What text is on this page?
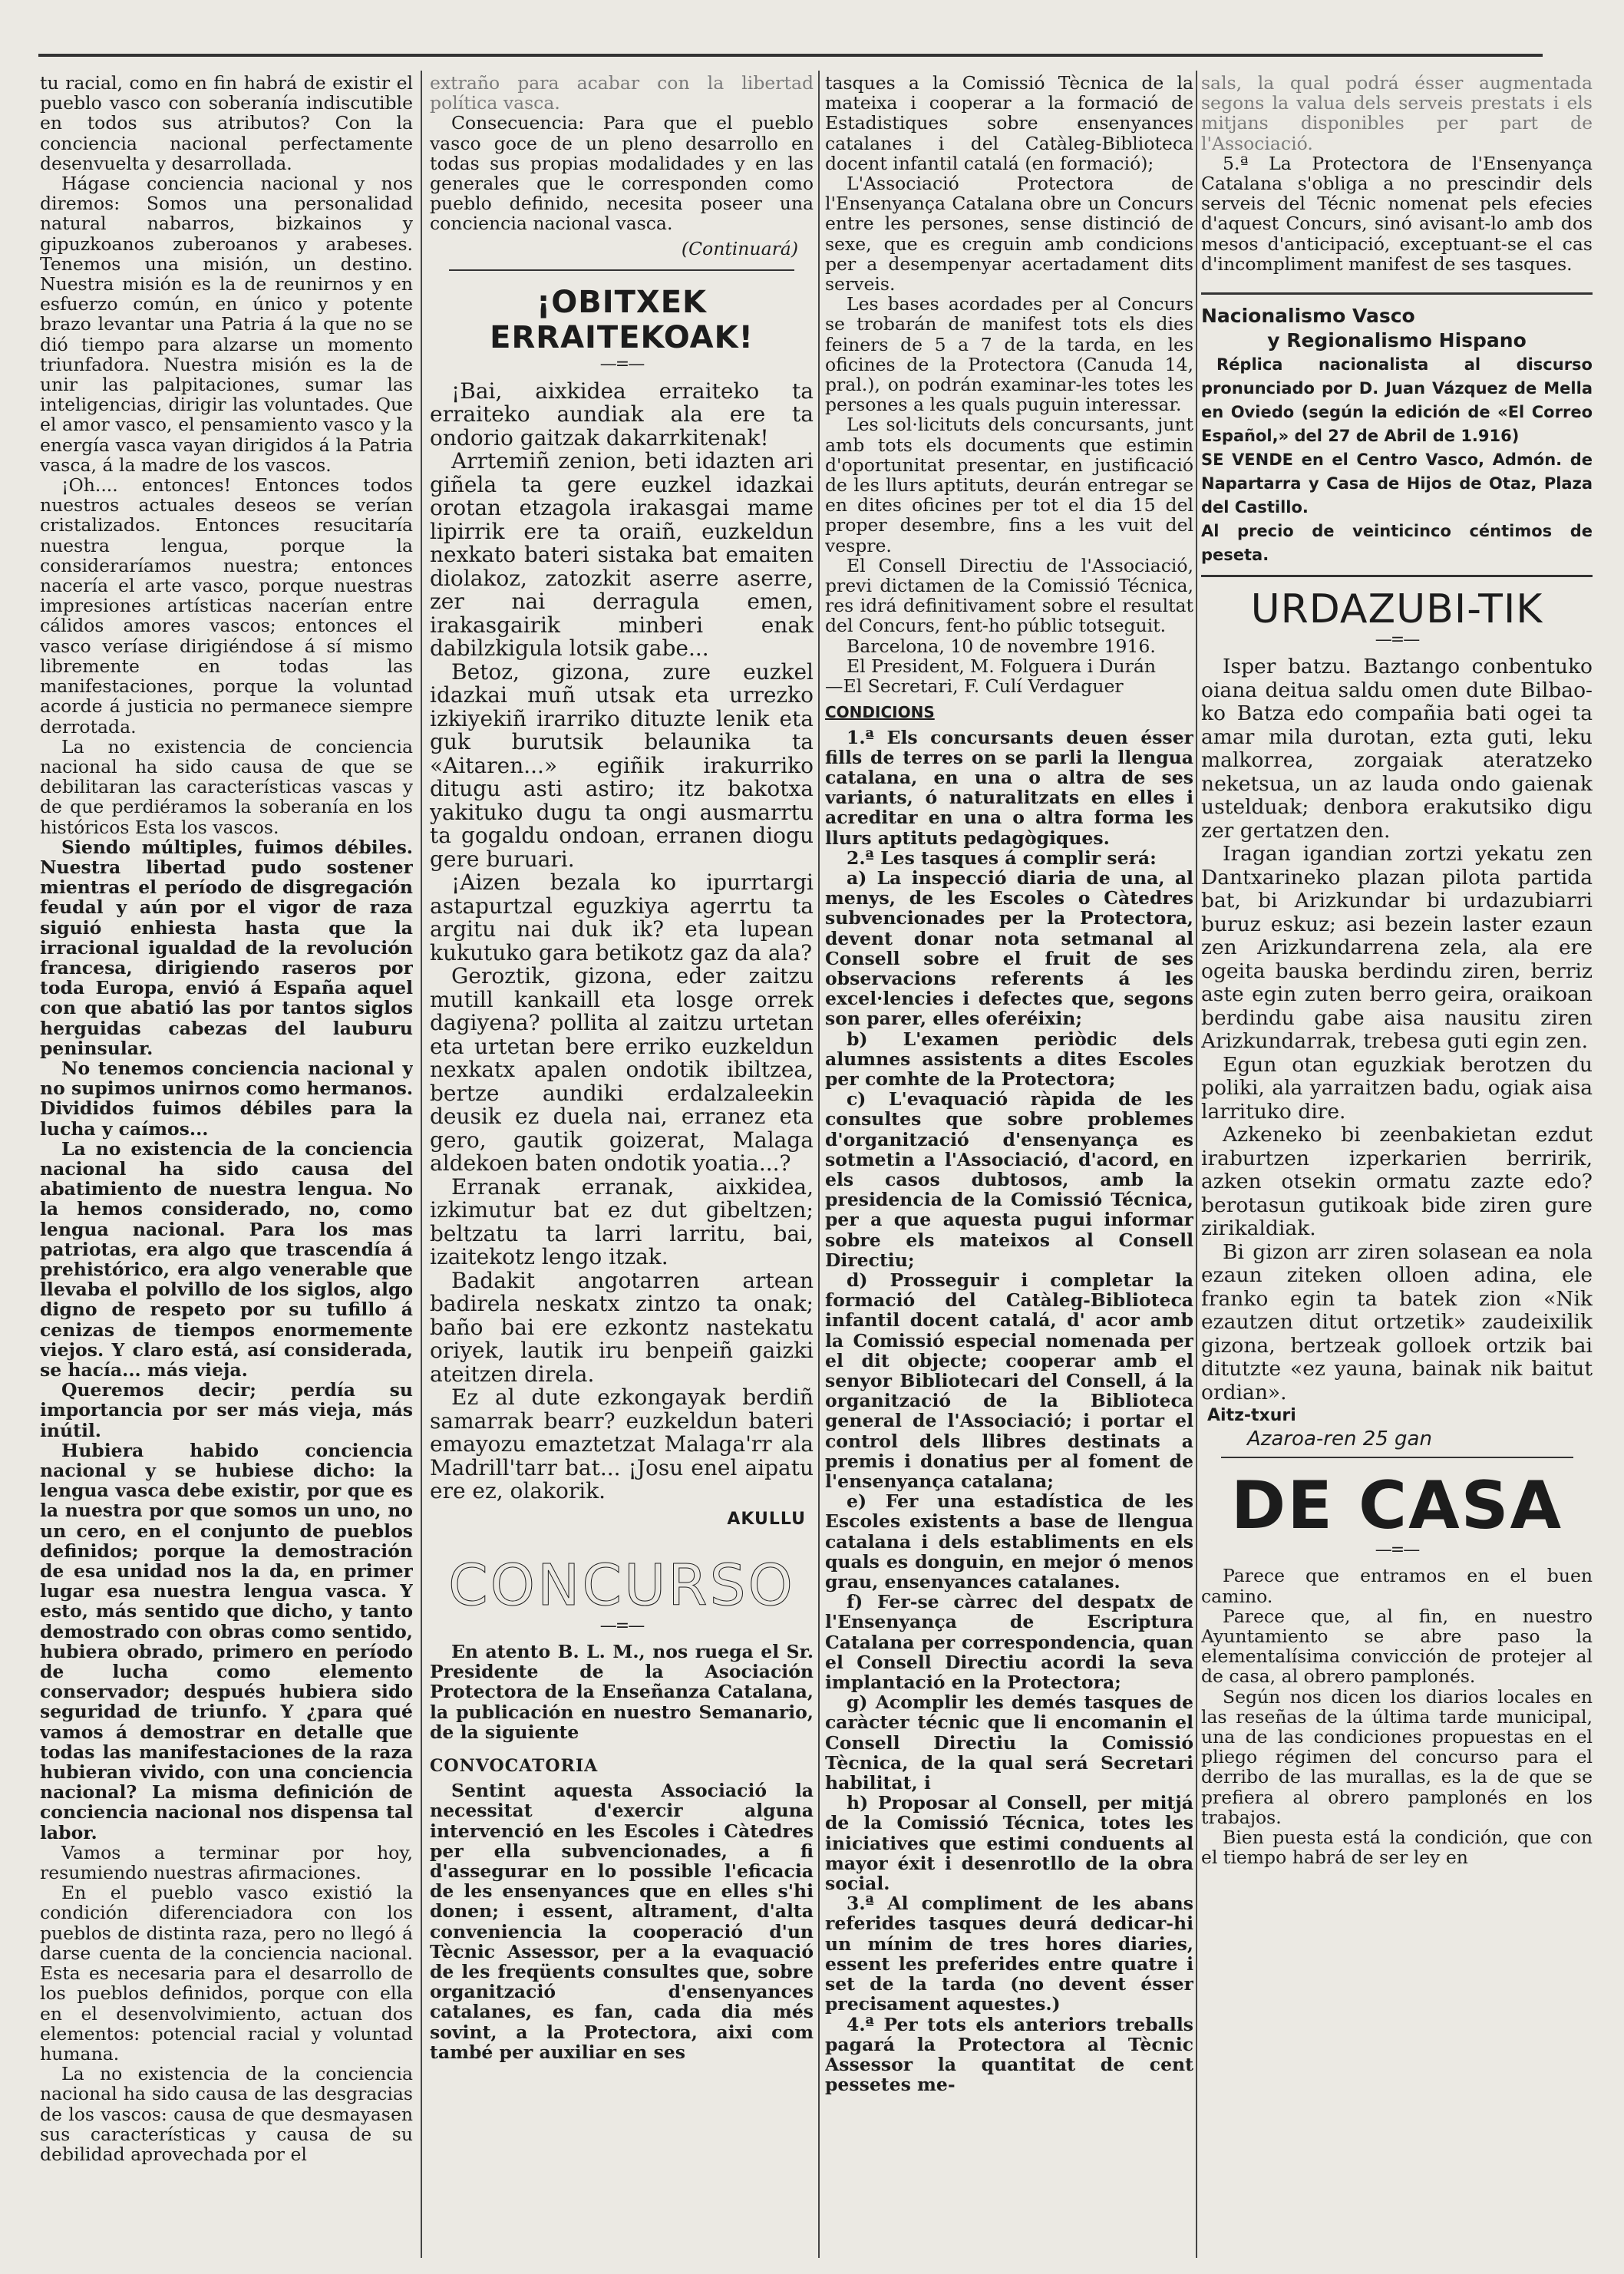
tu racial, como en fin habrá de existir el pueblo vasco con soberanía indiscutible en todos sus atributos? Con la conciencia nacional perfectamente desenvuelta y desarrollada.

Hágase conciencia nacional y nos diremos: Somos una personalidad natural nabarros, bizkainos y gipuzkoanos zuberoanos y arabeses. Tenemos una misión, un destino. Nuestra misión es la de reunirnos y en esfuerzo común, en único y potente brazo levantar una Patria á la que no se dió tiempo para alzarse un momento triunfadora. Nuestra misión es la de unir las palpitaciones, sumar las inteligencias, dirigir las voluntades. Que el amor vasco, el pensamiento vasco y la energía vasca vayan dirigidos á la Patria vasca, á la madre de los vascos.

¡Oh.... entonces! Entonces todos nuestros actuales deseos se verían cristalizados. Entonces resucitaría nuestra lengua, porque la consideraríamos nuestra; entonces nacería el arte vasco, porque nuestras impresiones artísticas nacerían entre cálidos amores vascos; entonces el vasco veríase dirigiéndose á sí mismo libremente en todas las manifestaciones, porque la voluntad acorde á justicia no permanece siempre derrotada.

La no existencia de conciencia nacional ha sido causa de que se debilitaran las características vascas y de que perdiéramos la soberanía en los históricos Esta los vascos.

Siendo múltiples, fuimos débiles. Nuestra libertad pudo sostener mientras el período de disgregación feudal y aún por el vigor de raza siguió enhiesta hasta que la irracional igualdad de la revolución francesa, dirigiendo raseros por toda Europa, envió á España aquel con que abatió las por tantos siglos herguidas cabezas del lauburu peninsular.

No tenemos conciencia nacional y no supimos unirnos como hermanos. Divididos fuimos débiles para la lucha y caímos...

La no existencia de la conciencia nacional ha sido causa del abatimiento de nuestra lengua. No la hemos considerado, no, como lengua nacional. Para los mas patriotas, era algo que trascendía á prehistórico, era algo venerable que llevaba el polvillo de los siglos, algo digno de respeto por su tufillo á cenizas de tiempos enormemente viejos. Y claro está, así considerada, se hacía... más vieja.

Queremos decir; perdía su importancia por ser más vieja, más inútil.

Hubiera habido conciencia nacional y se hubiese dicho: la lengua vasca debe existir, por que es la nuestra por que somos un uno, no un cero, en el conjunto de pueblos definidos; porque la demostración de esa unidad nos la da, en primer lugar esa nuestra lengua vasca. Y esto, más sentido que dicho, y tanto demostrado con obras como sentido, hubiera obrado, primero en período de lucha como elemento conservador; después hubiera sido seguridad de triunfo. Y ¿para qué vamos á demostrar en detalle que todas las manifestaciones de la raza hubieran vivido, con una conciencia nacional? La misma definición de conciencia nacional nos dispensa tal labor.

Vamos a terminar por hoy, resumiendo nuestras afirmaciones.

En el pueblo vasco existió la condición diferenciadora con los pueblos de distinta raza, pero no llegó á darse cuenta de la conciencia nacional. Esta es necesaria para el desarrollo de los pueblos definidos, porque con ella en el desenvolvimiento, actuan dos elementos: potencial racial y voluntad humana.

La no existencia de la conciencia nacional ha sido causa de las desgracias de los vascos: causa de que desmayasen sus características y causa de su debilidad aprovechada por el

extraño para acabar con la libertad política vasca.

Consecuencia: Para que el pueblo vasco goce de un pleno desarrollo en todas sus propias modalidades y en las generales que le corresponden como pueblo definido, necesita poseer una conciencia nacional vasca.

(Continuará)

¡OBITXEK ERRAITEKOAK!
—=—

¡Bai, aixkidea erraiteko ta erraiteko aundiak ala ere ta ondorio gaitzak dakarrkitenak!

Arrtemiñ zenion, beti idazten ari giñela ta gere euzkel idazkai orotan etzagola irakasgai mame lipirrik ere ta oraiñ, euzkeldun nexkato bateri sistaka bat emaiten diolakoz, zatozkit aserre aserre, zer nai derragula emen, irakasgairik minberi enak dabilzkigula lotsik gabe...

Betoz, gizona, zure euzkel idazkai muñ utsak eta urrezko izkiyekiñ irarriko dituzte lenik eta guk burutsik belaunika ta «Aitaren...» egiñik irakurriko ditugu asti astiro; itz bakotxa yakituko dugu ta ongi ausmarrtu ta gogaldu ondoan, erranen diogu gere buruari.

¡Aizen bezala ko ipurrtargi astapurtzal eguzkiya agerrtu ta argitu nai duk ik? eta lupean kukutuko gara betikotz gaz da ala?

Geroztik, gizona, eder zaitzu mutill kankaill eta losge orrek dagiyena? pollita al zaitzu urtetan eta urtetan bere erriko euzkeldun nexkatx apalen ondotik ibiltzea, bertze aundiki erdalzaleekin deusik ez duela nai, erranez eta gero, gautik goizerat, Malaga aldekoen baten ondotik yoatia...?

Erranak erranak, aixkidea, izkimutur bat ez dut gibeltzen; beltzatu ta larri larritu, bai, izaitekotz lengo itzak.

Badakit angotarren artean badirela neskatx zintzo ta onak; baño bai ere ezkontz nastekatu oriyek, lautik iru benpeiñ gaizki ateitzen direla.

Ez al dute ezkongayak berdiñ samarrak bearr? euzkeldun bateri emayozu emaztetzat Malaga'rr ala Madrill'tarr bat... ¡Josu enel aipatu ere ez, olakorik.

AKULLU
CONCURSO
—=—

En atento B. L. M., nos ruega el Sr. Presidente de la Asociación Protectora de la Enseñanza Catalana, la publicación en nuestro Semanario, de la siguiente

CONVOCATORIA

Sentint aquesta Associació la necessitat d'exercir alguna intervenció en les Escoles i Càtedres per ella subvencionades, a fi d'assegurar en lo possible l'eficacia de les ensenyances que en elles s'hi donen; i essent, altrament, d'alta conveniencia la cooperació d'un Tècnic Assessor, per a la evaquació de les freqüents consultes que, sobre organització d'ensenyances catalanes, es fan, cada dia més sovint, a la Protectora, aixi com també per auxiliar en ses

tasques a la Comissió Tècnica de la mateixa i cooperar a la formació de Estadistiques sobre ensenyances catalanes i del Catàleg-Biblioteca docent infantil catalá (en formació);

L'Associació Protectora de l'Ensenyança Catalana obre un Concurs entre les persones, sense distinció de sexe, que es creguin amb condicions per a desempenyar acertadament dits serveis.

Les bases acordades per al Concurs se trobarán de manifest tots els dies feiners de 5 a 7 de la tarda, en les oficines de la Protectora (Canuda 14, pral.), on podrán examinar-les totes les persones a les quals puguin interessar.

Les sol·licituts dels concursants, junt amb tots els documents que estimin d'oportunitat presentar, en justificació de les llurs aptituts, deurán entregar se en dites oficines per tot el dia 15 del proper desembre, fins a les vuit del vespre.

El Consell Directiu de l'Associació, previ dictamen de la Comissió Técnica, res idrá definitivament sobre el resultat del Concurs, fent-ho públic totseguit.

Barcelona, 10 de novembre 1916.

El President, M. Folguera i Durán

—El Secretari, F. Culí Verdaguer

CONDICIONS

1.ª Els concursants deuen ésser fills de terres on se parli la llengua catalana, en una o altra de ses variants, ó naturalitzats en elles i acreditar en una o altra forma les llurs aptituts pedagògiques.

2.ª Les tasques á complir será:

a) La inspecció diaria de una, al menys, de les Escoles o Càtedres subvencionades per la Protectora, devent donar nota setmanal al Consell sobre el fruit de ses observacions referents á les excel·lencies i defectes que, segons son parer, elles oferéixin;

b) L'examen periòdic dels alumnes assistents a dites Escoles per comhte de la Protectora;

c) L'evaquació ràpida de les consultes que sobre problemes d'organització d'ensenyança es sotmetin a l'Associació, d'acord, en els casos dubtosos, amb la presidencia de la Comissió Técnica, per a que aquesta pugui informar sobre els mateixos al Consell Directiu;

d) Prosseguir i completar la formació del Catàleg-Biblioteca infantil docent catalá, d' acor amb la Comissió especial nomenada per el dit objecte; cooperar amb el senyor Bibliotecari del Consell, á la organització de la Biblioteca general de l'Associació; i portar el control dels llibres destinats a premis i donatius per al foment de l'ensenyança catalana;

e) Fer una estadística de les Escoles existents a base de llengua catalana i dels establiments en els quals es donguin, en mejor ó menos grau, ensenyances catalanes.

f) Fer-se càrrec del despatx de l'Ensenyança de Escriptura Catalana per correspondencia, quan el Consell Directiu acordi la seva implantació en la Protectora;

g) Acomplir les demés tasques de caràcter técnic que li encomanin el Consell Directiu la Comissió Tècnica, de la qual será Secretari habilitat, i

h) Proposar al Consell, per mitjá de la Comissió Técnica, totes les iniciatives que estimi conduents al mayor éxit i desenrotllo de la obra social.

3.ª Al compliment de les abans referides tasques deurá dedicar-hi un mínim de tres hores diaries, essent les preferides entre quatre i set de la tarda (no devent ésser precisament aquestes.)

4.ª Per tots els anteriors treballs pagará la Protectora al Tècnic Assessor la quantitat de cent pessetes me-

sals, la qual podrá ésser augmentada segons la valua dels serveis prestats i els mitjans disponibles per part de l'Associació.

5.ª La Protectora de l'Ensenyança Catalana s'obliga a no prescindir dels serveis del Técnic nomenat pels efecies d'aquest Concurs, sinó avisant-lo amb dos mesos d'anticipació, exceptuant-se el cas d'incompliment manifest de ses tasques.

Nacionalismo Vasco
y Regionalismo Hispano
Réplica nacionalista al discurso pronunciado por D. Juan Vázquez de Mella en Oviedo (según la edición de «El Correo Español,» del 27 de Abril de 1.916)
SE VENDE en el Centro Vasco, Admón. de Napartarra y Casa de Hijos de Otaz, Plaza del Castillo.
Al precio de veinticinco céntimos de peseta.
URDAZUBI-TIK
—=—

Isper batzu. Baztango conbentuko oiana deitua saldu omen dute Bilbao-ko Batza edo compañia bati ogei ta amar mila durotan, ezta guti, leku malkorrea, zorgaiak ateratzeko neketsua, un az lauda ondo gaienak ustelduak; denbora erakutsiko digu zer gertatzen den.

Iragan igandian zortzi yekatu zen Dantxarineko plazan pilota partida bat, bi Arizkundar bi urdazubiarri buruz eskuz; asi bezein laster ezaun zen Arizkundarrena zela, ala ere ogeita bauska berdindu ziren, berriz aste egin zuten berro geira, oraikoan berdindu gabe aisa nausitu ziren Arizkundarrak, trebesa guti egin zen.

Egun otan eguzkiak berotzen du poliki, ala yarraitzen badu, ogiak aisa larrituko dire.

Azkeneko bi zeenbakietan ezdut iraburtzen izperkarien berririk, azken otsekin ormatu zazte edo? berotasun gutikoak bide ziren gure zirikaldiak.

Bi gizon arr ziren solasean ea nola ezaun ziteken olloen adina, ele franko egin ta batek zion «Nik ezautzen ditut ortzetik» zaudeixilik gizona, bertzeak golloek ortzik bai ditutzte «ez yauna, bainak nik baitut ordian».

Aitz-txuri
Azaroa-ren 25 gan
DE CASA
—=—

Parece que entramos en el buen camino.

Parece que, al fin, en nuestro Ayuntamiento se abre paso la elementalísima convicción de protejer al de casa, al obrero pamplonés.

Según nos dicen los diarios locales en las reseñas de la última tarde municipal, una de las condiciones propuestas en el pliego régimen del concurso para el derribo de las murallas, es la de que se prefiera al obrero pamplonés en los trabajos.

Bien puesta está la condición, que con el tiempo habrá de ser ley en
